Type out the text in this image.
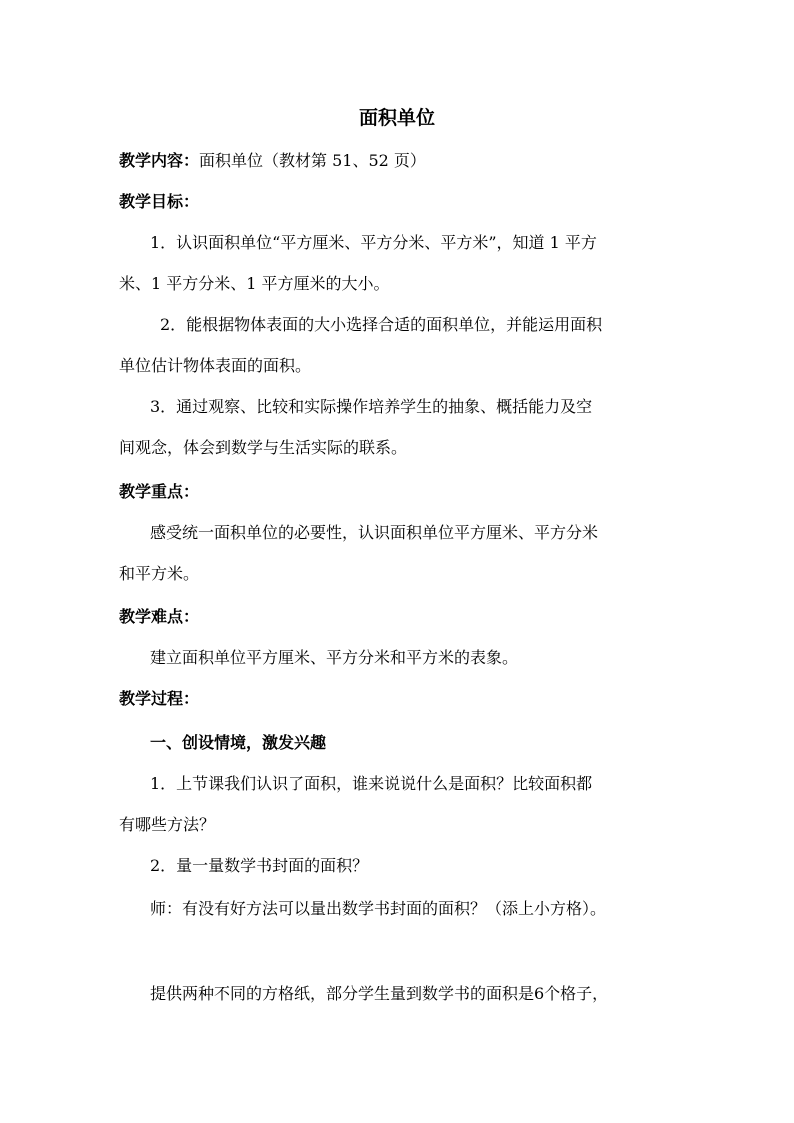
面积单位
教学内容：面积单位（教材第 51、52 页）
教学目标：
1．认识面积单位“平方厘米、平方分米、平方米”，知道 1 平方
米、1 平方分米、1 平方厘米的大小。
2．能根据物体表面的大小选择合适的面积单位，并能运用面积
单位估计物体表面的面积。
3．通过观察、比较和实际操作培养学生的抽象、概括能力及空
间观念，体会到数学与生活实际的联系。
教学重点：
感受统一面积单位的必要性，认识面积单位平方厘米、平方分米
和平方米。
教学难点：
建立面积单位平方厘米、平方分米和平方米的表象。
教学过程：
一、创设情境，激发兴趣
1．上节课我们认识了面积，谁来说说什么是面积？比较面积都
有哪些方法？
2．量一量数学书封面的面积？
师：有没有好方法可以量出数学书封面的面积？（添上小方格）。
提供两种不同的方格纸，部分学生量到数学书的面积是6个格子，
